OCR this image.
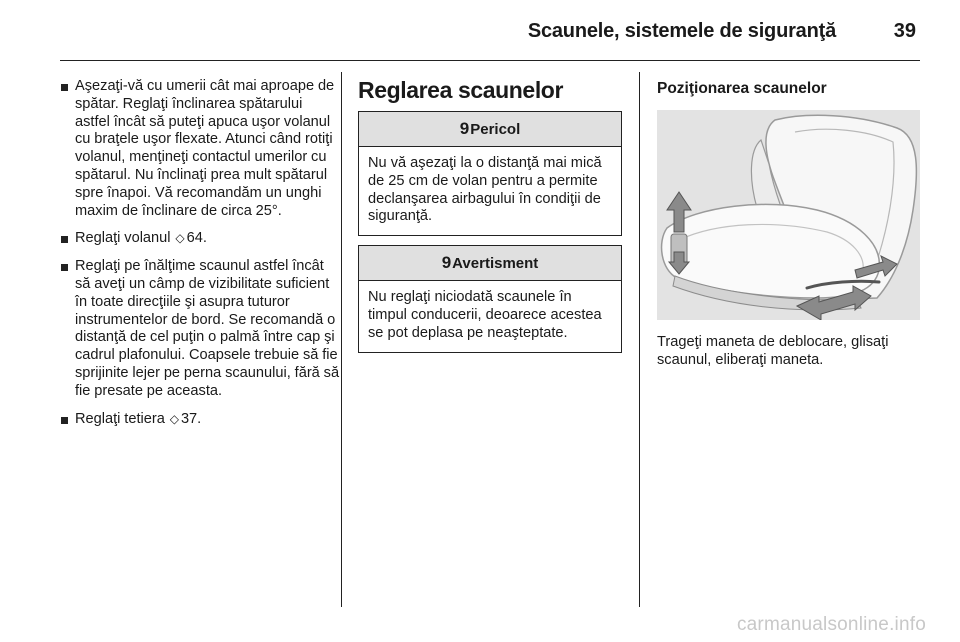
Scaunele, sistemele de siguranţă	39
Aşezaţi-vă cu umerii cât mai aproape de spătar. Reglaţi înclinarea spătarului astfel încât să puteţi apuca uşor volanul cu braţele uşor flexate. Atunci când rotiţi volanul, menţineţi contactul umerilor cu spătarul. Nu înclinaţi prea mult spătarul spre înapoi. Vă recomandăm un unghi maxim de înclinare de circa 25°.
Reglaţi volanul ◇ 64.
Reglaţi pe înălţime scaunul astfel încât să aveţi un câmp de vizibilitate suficient în toate direcţiile şi asupra tuturor instrumentelor de bord. Se recomandă o distanţă de cel puţin o palmă între cap şi cadrul plafonului. Coapsele trebuie să fie sprijinite lejer pe perna scaunului, fără să fie presate pe aceasta.
Reglaţi tetiera ◇ 37.
Reglarea scaunelor
9 Pericol
Nu vă aşezaţi la o distanţă mai mică de 25 cm de volan pentru a permite declanşarea airbagului în condiţii de siguranţă.
9 Avertisment
Nu reglaţi niciodată scaunele în timpul conducerii, deoarece acestea se pot deplasa pe neaşteptate.
Poziţionarea scaunelor
Trageţi maneta de deblocare, glisaţi scaunul, eliberaţi maneta.
carmanualsonline.info
